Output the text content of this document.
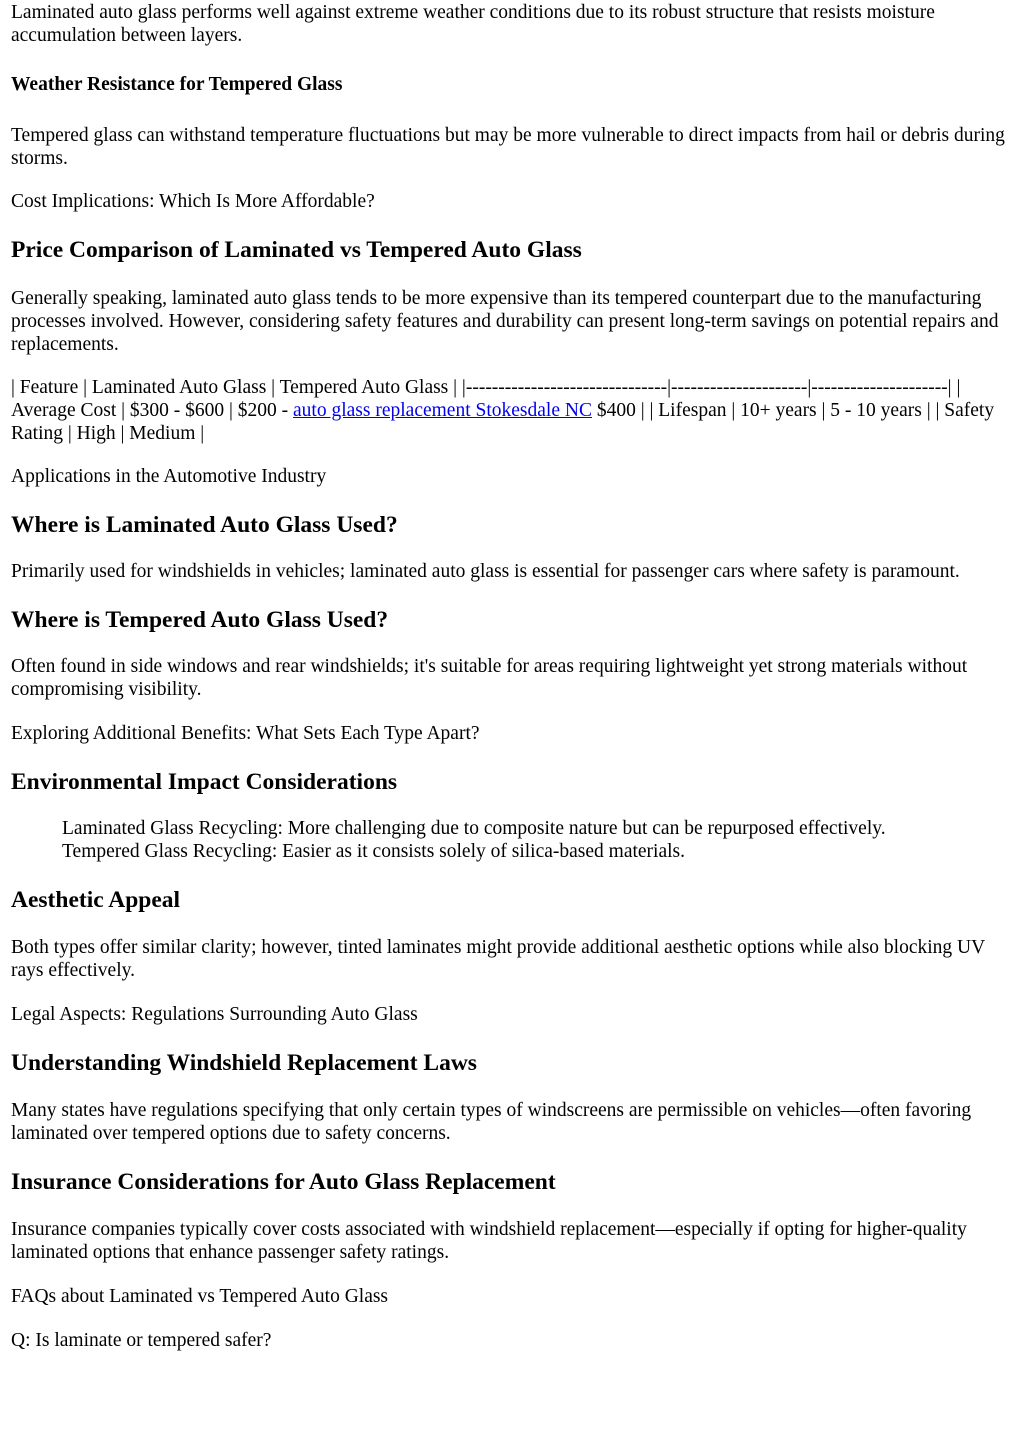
Laminated auto glass performs well against extreme weather conditions due to its robust structure that resists moisture accumulation between layers.

Weather Resistance for Tempered Glass

Tempered glass can withstand temperature fluctuations but may be more vulnerable to direct impacts from hail or debris during storms.

Cost Implications: Which Is More Affordable?

Price Comparison of Laminated vs Tempered Auto Glass

Generally speaking, laminated auto glass tends to be more expensive than its tempered counterpart due to the manufacturing processes involved. However, considering safety features and durability can present long-term savings on potential repairs and replacements.

| Feature | Laminated Auto Glass | Tempered Auto Glass | |-------------------------------|---------------------|---------------------| | Average Cost | $300 - $600 | $200 - auto glass replacement Stokesdale NC $400 | | Lifespan | 10+ years | 5 - 10 years | | Safety Rating | High | Medium |

Applications in the Automotive Industry

Where is Laminated Auto Glass Used?

Primarily used for windshields in vehicles; laminated auto glass is essential for passenger cars where safety is paramount.

Where is Tempered Auto Glass Used?

Often found in side windows and rear windshields; it's suitable for areas requiring lightweight yet strong materials without compromising visibility.

Exploring Additional Benefits: What Sets Each Type Apart?

Environmental Impact Considerations

Laminated Glass Recycling: More challenging due to composite nature but can be repurposed effectively.
Tempered Glass Recycling: Easier as it consists solely of silica-based materials.

Aesthetic Appeal

Both types offer similar clarity; however, tinted laminates might provide additional aesthetic options while also blocking UV rays effectively.

Legal Aspects: Regulations Surrounding Auto Glass

Understanding Windshield Replacement Laws

Many states have regulations specifying that only certain types of windscreens are permissible on vehicles—often favoring laminated over tempered options due to safety concerns.

Insurance Considerations for Auto Glass Replacement

Insurance companies typically cover costs associated with windshield replacement—especially if opting for higher-quality laminated options that enhance passenger safety ratings.

FAQs about Laminated vs Tempered Auto Glass

Q: Is laminate or tempered safer?
